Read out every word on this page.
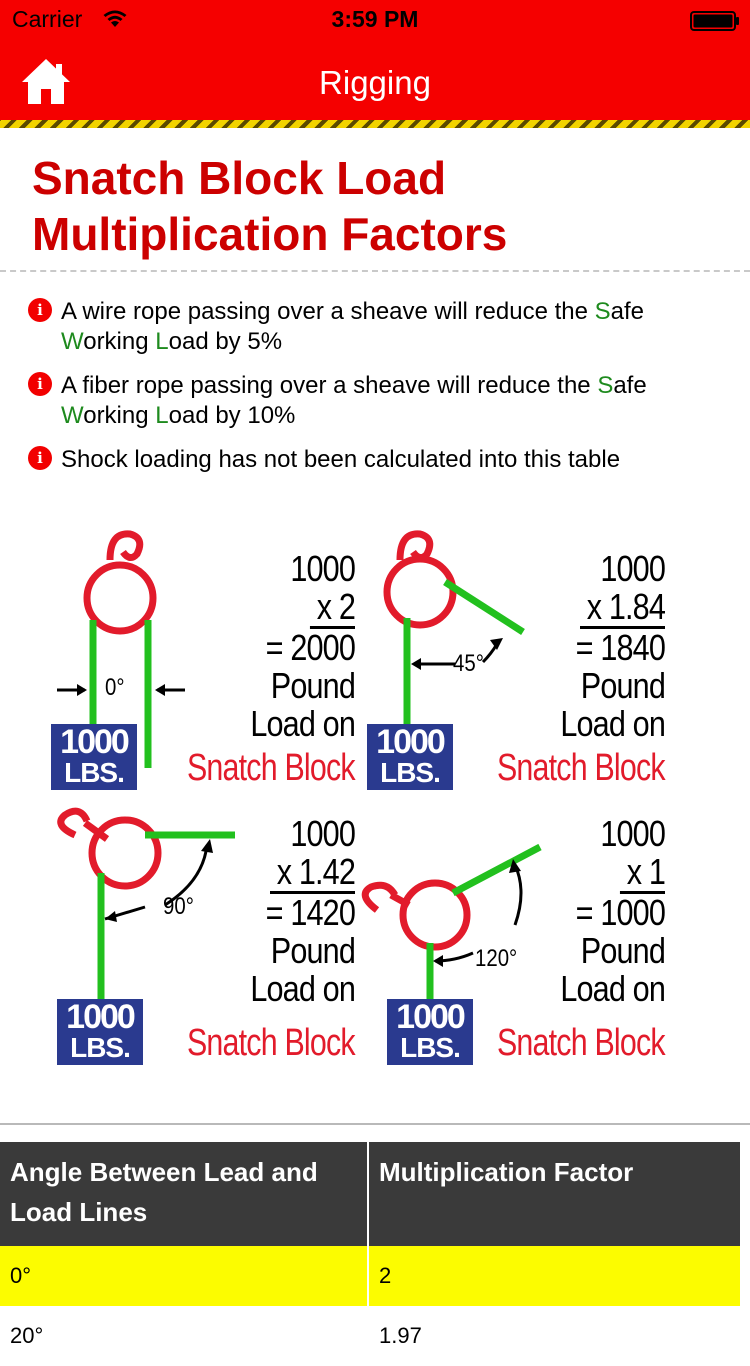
Carrier	3:59 PM
Rigging
Snatch Block Load
Multiplication Factors
i A wire rope passing over a sheave will reduce the Safe Working Load by 5%
i A fiber rope passing over a sheave will reduce the Safe Working Load by 10%
i Shock loading has not been calculated into this table
0°
1000
x 2
= 2000
Pound
Load on
Snatch Block
1000
LBS.
45°
1000
x 1.84
= 1840
Pound
Load on
Snatch Block
1000
LBS.
90°
1000
x 1.42
= 1420
Pound
Load on
Snatch Block
1000
LBS.
120°
1000
x 1
= 1000
Pound
Load on
Snatch Block
1000
LBS.
Angle Between Lead and Load Lines	Multiplication Factor
0°	2
20°	1.97
